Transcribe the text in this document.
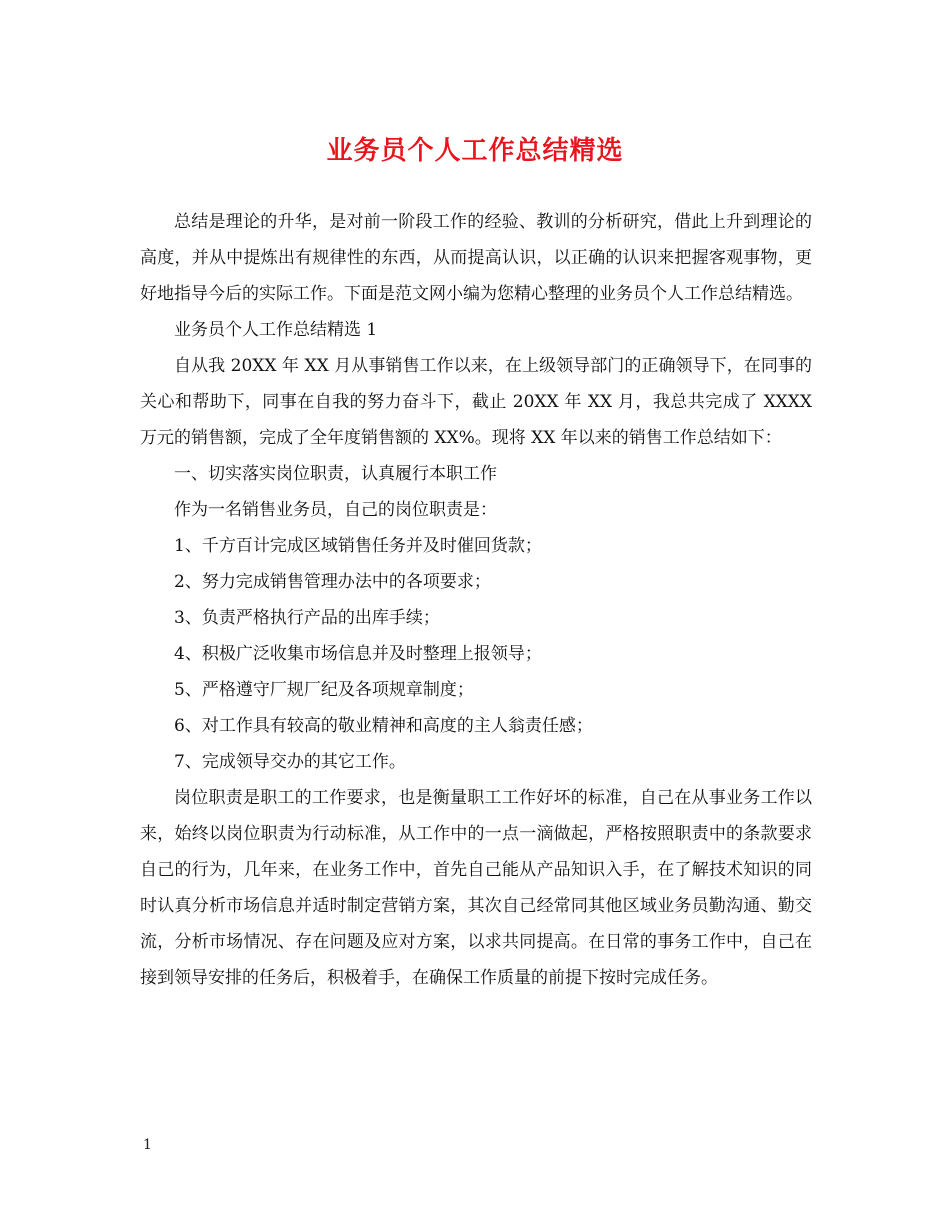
业务员个人工作总结精选

总结是理论的升华，是对前一阶段工作的经验、教训的分析研究，借此上升到理论的高度，并从中提炼出有规律性的东西，从而提高认识，以正确的认识来把握客观事物，更好地指导今后的实际工作。下面是范文网小编为您精心整理的业务员个人工作总结精选。

业务员个人工作总结精选 1

自从我 20XX 年 XX 月从事销售工作以来，在上级领导部门的正确领导下，在同事的关心和帮助下，同事在自我的努力奋斗下，截止 20XX 年 XX 月，我总共完成了 XXXX 万元的销售额，完成了全年度销售额的 XX%。现将 XX 年以来的销售工作总结如下：

一、切实落实岗位职责，认真履行本职工作

作为一名销售业务员，自己的岗位职责是：

1、千方百计完成区域销售任务并及时催回货款；

2、努力完成销售管理办法中的各项要求；

3、负责严格执行产品的出库手续；

4、积极广泛收集市场信息并及时整理上报领导；

5、严格遵守厂规厂纪及各项规章制度；

6、对工作具有较高的敬业精神和高度的主人翁责任感；

7、完成领导交办的其它工作。

岗位职责是职工的工作要求，也是衡量职工工作好坏的标准，自己在从事业务工作以来，始终以岗位职责为行动标准，从工作中的一点一滴做起，严格按照职责中的条款要求自己的行为，几年来，在业务工作中，首先自己能从产品知识入手，在了解技术知识的同时认真分析市场信息并适时制定营销方案，其次自己经常同其他区域业务员勤沟通、勤交流，分析市场情况、存在问题及应对方案，以求共同提高。在日常的事务工作中，自己在接到领导安排的任务后，积极着手，在确保工作质量的前提下按时完成任务。

1
